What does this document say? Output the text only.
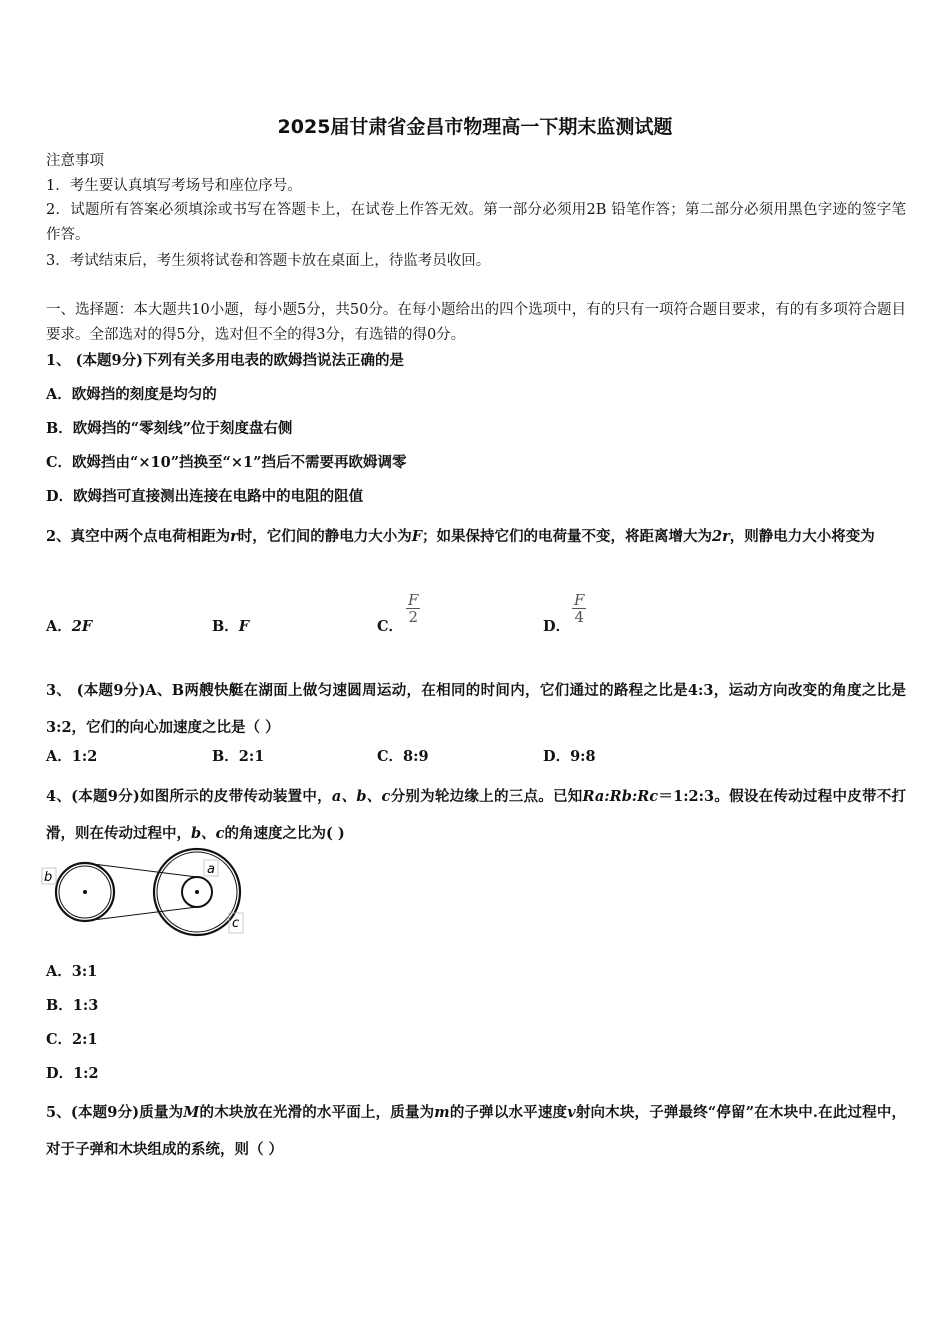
2025届甘肃省金昌市物理高一下期末监测试题
注意事项
1．考生要认真填写考场号和座位序号。
2．试题所有答案必须填涂或书写在答题卡上，在试卷上作答无效。第一部分必须用2B 铅笔作答；第二部分必须用黑色字迹的签字笔作答。
3．考试结束后，考生须将试卷和答题卡放在桌面上，待监考员收回。
一、选择题：本大题共10小题，每小题5分，共50分。在每小题给出的四个选项中，有的只有一项符合题目要求，有的有多项符合题目要求。全部选对的得5分，选对但不全的得3分，有选错的得0分。
1、 (本题9分)下列有关多用电表的欧姆挡说法正确的是
A．欧姆挡的刻度是均匀的
B．欧姆挡的“零刻线”位于刻度盘右侧
C．欧姆挡由“×10”挡换至“×1”挡后不需要再欧姆调零
D．欧姆挡可直接测出连接在电路中的电阻的阻值
2、真空中两个点电荷相距为r时，它们间的静电力大小为F；如果保持它们的电荷量不变，将距离增大为2r，则静电力大小将变为
A．2F	B．F	C．
$\frac{F}{2}$
D．
$\frac{F}{4}$
3、 (本题9分)A、B两艘快艇在湖面上做匀速圆周运动，在相同的时间内，它们通过的路程之比是4:3，运动方向改变的角度之比是3:2，它们的向心加速度之比是（ ）
A．1:2	B．2:1	C．8:9	D．9:8
4、(本题9分)如图所示的皮带传动装置中，a、b、c分别为轮边缘上的三点。已知Ra:Rb:Rc＝1:2:3。假设在传动过程中皮带不打滑，则在传动过程中，b、c的角速度之比为( )
b
a
c
A．3:1
B．1:3
C．2:1
D．1:2
5、(本题9分)质量为M的木块放在光滑的水平面上，质量为m的子弹以水平速度v射向木块，子弹最终“停留”在木块中.在此过程中，对于子弹和木块组成的系统，则（ ）
